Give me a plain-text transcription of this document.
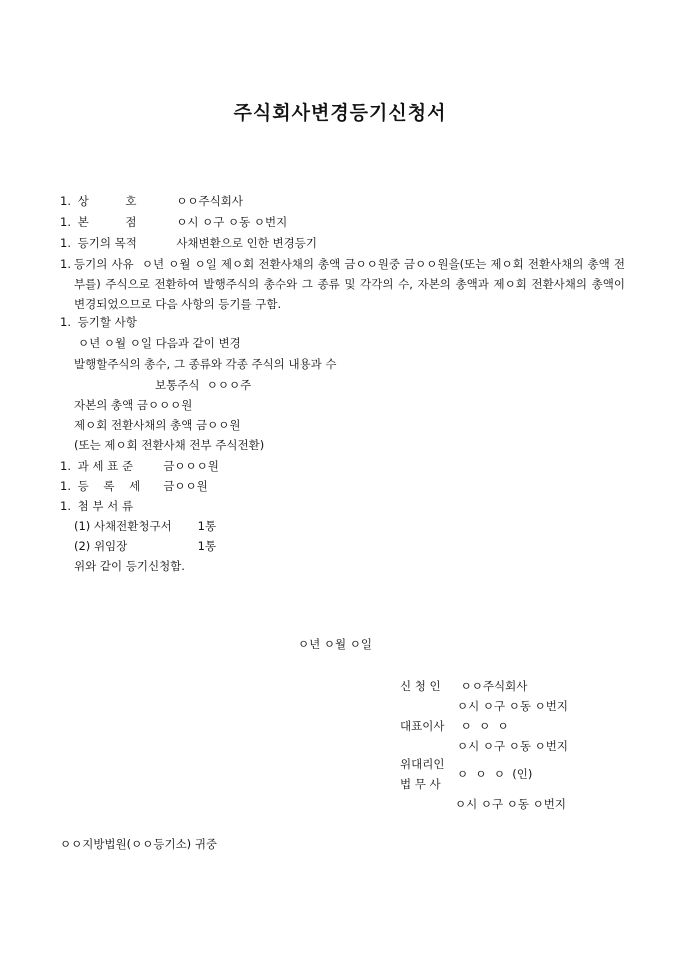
주식회사변경등기신청서
1. 상          호	ㅇㅇ주식회사
1. 본          점	ㅇ시 ㅇ구 ㅇ동 ㅇ번지
1. 등기의 목적	사채변환으로 인한 변경등기
1. 등기의 사유  ㅇ년 ㅇ월 ㅇ일 제ㅇ회 전환사채의 총액 금ㅇㅇ원중 금ㅇㅇ원을(또는 제ㅇ회 전환사채의 총액 전부를) 주식으로 전환하여 발행주식의 총수와 그 종류 및 각각의 수, 자본의 총액과 제ㅇ회 전환사채의 총액이 변경되었으므로 다음 사항의 등기를 구함.
1. 등기할 사항
ㅇ년 ㅇ월 ㅇ일 다음과 같이 변경
발행할주식의 총수, 그 종류와 각종 주식의 내용과 수
보통주식  ㅇㅇㅇ주
자본의 총액 금ㅇㅇㅇ원
제ㅇ회 전환사채의 총액 금ㅇㅇ원
(또는 제ㅇ회 전환사채 전부 주식전환)
1. 과 세 표 준	금ㅇㅇㅇ원
1. 등    록    세 금ㅇㅇ원
1. 첨 부 서 류
(1) 사채전환청구서 1통
(2) 위임장	1통
위와 같이 등기신청함.
ㅇ년 ㅇ월 ㅇ일
신 청 인 ㅇㅇ주식회사
ㅇ시 ㅇ구 ㅇ동 ㅇ번지
대표이사 ㅇ  ㅇ  ㅇ
ㅇ시 ㅇ구 ㅇ동 ㅇ번지
위대리인
법 무 사
ㅇ  ㅇ  ㅇ  (인)
ㅇ시 ㅇ구 ㅇ동 ㅇ번지
ㅇㅇ지방법원(ㅇㅇ등기소) 귀중
